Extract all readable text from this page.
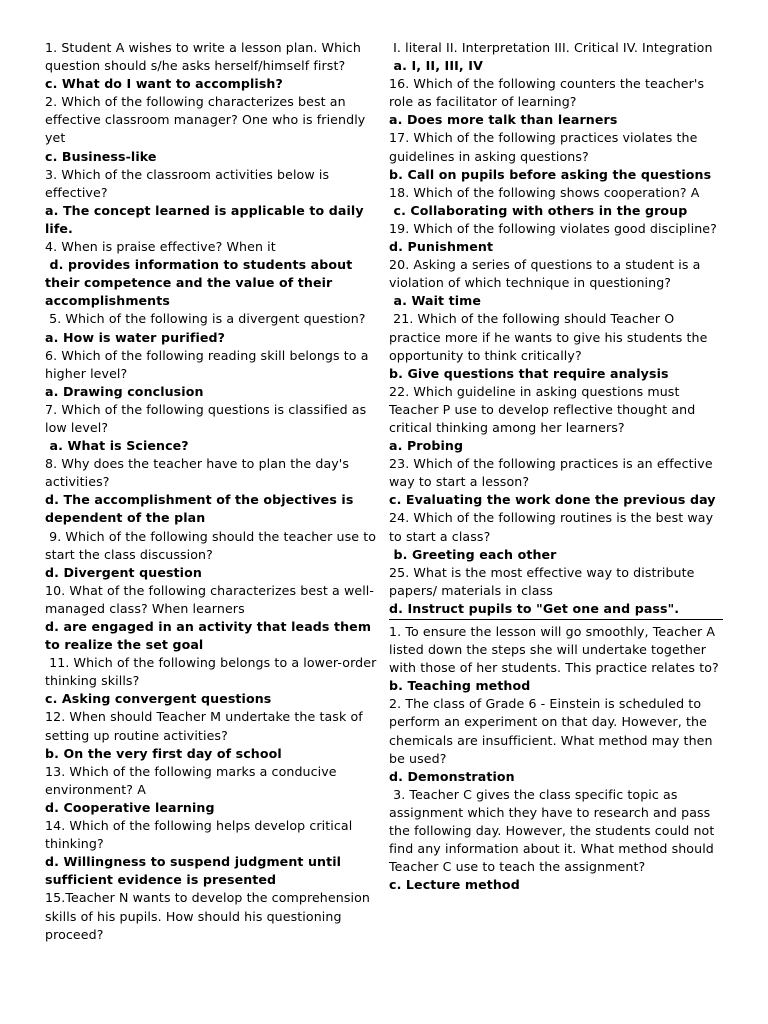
1. Student A wishes to write a lesson plan. Which question should s/he asks herself/himself first?

c. What do I want to accomplish?

2. Which of the following characterizes best an effective classroom manager? One who is friendly yet

c. Business-like

3. Which of the classroom activities below is effective?

a. The concept learned is applicable to daily life.

4. When is praise effective? When it

d. provides information to students about their competence and the value of their accomplishments

5. Which of the following is a divergent question?

a. How is water purified?

6. Which of the following reading skill belongs to a higher level?

a. Drawing conclusion

7. Which of the following questions is classified as low level?

a. What is Science?

8. Why does the teacher have to plan the day's activities?

d. The accomplishment of the objectives is dependent of the plan

9. Which of the following should the teacher use to start the class discussion?

d. Divergent question

10. What of the following characterizes best a well-managed class? When learners

d. are engaged in an activity that leads them to realize the set goal

11. Which of the following belongs to a lower-order thinking skills?

c. Asking convergent questions

12. When should Teacher M undertake the task of setting up routine activities?

b. On the very first day of school

13. Which of the following marks a conducive environment? A

d. Cooperative learning

14. Which of the following helps develop critical thinking?

d. Willingness to suspend judgment until sufficient evidence is presented

15.Teacher N wants to develop the comprehension skills of his pupils. How should his questioning proceed?

I. literal II. Interpretation III. Critical IV. Integration

a. I, II, III, IV

16. Which of the following counters the teacher's role as facilitator of learning?

a. Does more talk than learners

17. Which of the following practices violates the guidelines in asking questions?

b. Call on pupils before asking the questions

18. Which of the following shows cooperation? A

c. Collaborating with others in the group

19. Which of the following violates good discipline?

d. Punishment

20. Asking a series of questions to a student is a violation of which technique in questioning?

a. Wait time

21. Which of the following should Teacher O practice more if he wants to give his students the opportunity to think critically?

b. Give questions that require analysis

22. Which guideline in asking questions must Teacher P use to develop reflective thought and critical thinking among her learners?

a. Probing

23. Which of the following practices is an effective way to start a lesson?

c. Evaluating the work done the previous day

24. Which of the following routines is the best way to start a class?

b. Greeting each other

25. What is the most effective way to distribute papers/ materials in class

d. Instruct pupils to "Get one and pass".

1. To ensure the lesson will go smoothly, Teacher A listed down the steps she will undertake together with those of her students. This practice relates to?

b. Teaching method

2. The class of Grade 6 - Einstein is scheduled to perform an experiment on that day. However, the chemicals are insufficient. What method may then be used?

d. Demonstration

3. Teacher C gives the class specific topic as assignment which they have to research and pass the following day. However, the students could not find any information about it. What method should Teacher C use to teach the assignment?

c. Lecture method
